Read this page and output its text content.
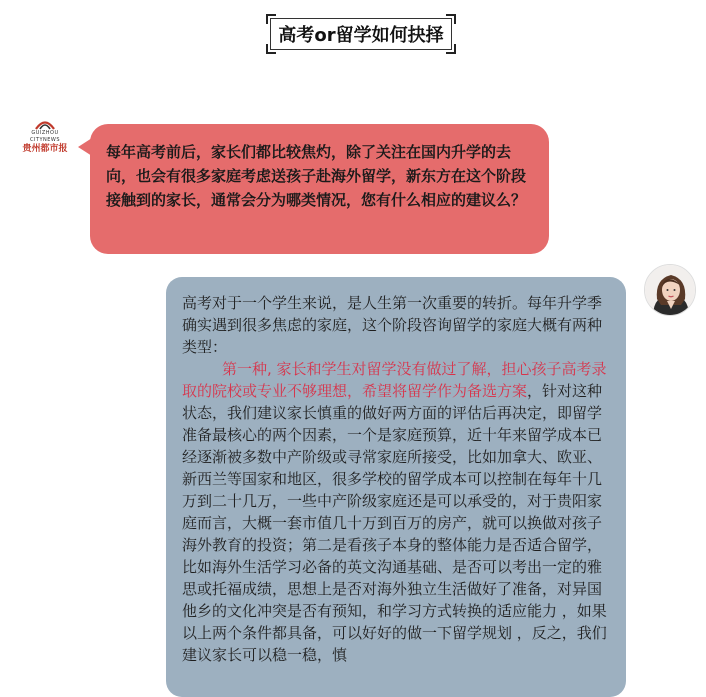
高考or留学如何抉择
GUIZHOU CITYNEWS
贵州都市报	每年高考前后，家长们都比较焦灼，除了关注在国内升学的去向，也会有很多家庭考虑送孩子赴海外留学，新东方在这个阶段接触到的家长，通常会分为哪类情况，您有什么相应的建议么？

高考对于一个学生来说，是人生第一次重要的转折。每年升学季确实遇到很多焦虑的家庭，这个阶段咨询留学的家庭大概有两种类型：

第一种, 家长和学生对留学没有做过了解，担心孩子高考录取的院校或专业不够理想，希望将留学作为备选方案，针对这种状态，我们建议家长慎重的做好两方面的评估后再决定，即留学准备最核心的两个因素，一个是家庭预算，近十年来留学成本已经逐渐被多数中产阶级或寻常家庭所接受，比如加拿大、欧亚、新西兰等国家和地区，很多学校的留学成本可以控制在每年十几万到二十几万，一些中产阶级家庭还是可以承受的，对于贵阳家庭而言，大概一套市值几十万到百万的房产，就可以换做对孩子海外教育的投资；第二是看孩子本身的整体能力是否适合留学，比如海外生活学习必备的英文沟通基础、是否可以考出一定的雅思或托福成绩，思想上是否对海外独立生活做好了准备，对异国他乡的文化冲突是否有预知，和学习方式转换的适应能力 ，如果以上两个条件都具备，可以好好的做一下留学规划 ，反之，我们建议家长可以稳一稳，慎
